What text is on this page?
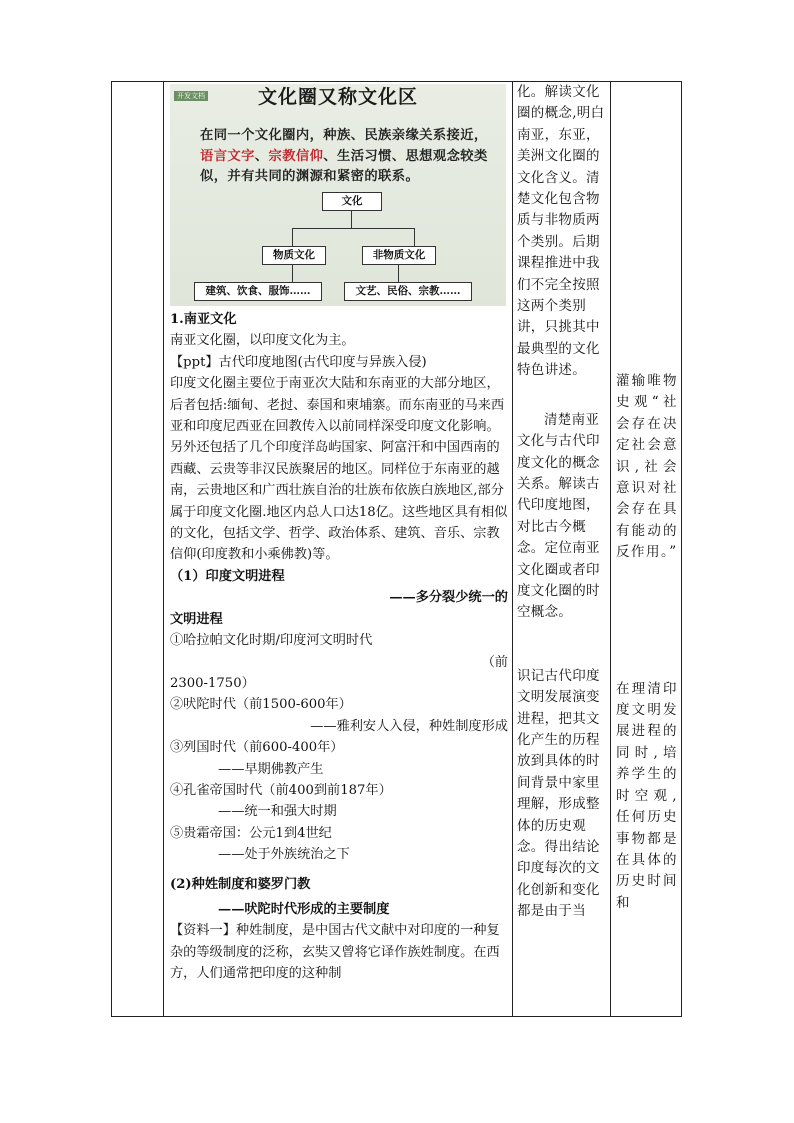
开发文档	文化圈又称文化区
在同一个文化圈内，种族、民族亲缘关系接近，语言文字、宗教信仰、生活习惯、思想观念较类似，并有共同的渊源和紧密的联系。
文化
物质文化	非物质文化
建筑、饮食、服饰……	文艺、民俗、宗教……

1.南亚文化

南亚文化圈，以印度文化为主。

【ppt】古代印度地图(古代印度与异族入侵)

印度文化圈主要位于南亚次大陆和东南亚的大部分地区，后者包括:缅甸、老挝、泰国和柬埔寨。而东南亚的马来西亚和印度尼西亚在回教传入以前同样深受印度文化影响。另外还包括了几个印度洋岛屿国家、阿富汗和中国西南的西藏、云贵等非汉民族聚居的地区。同样位于东南亚的越南，云贵地区和广西壮族自治的壮族布依族白族地区,部分属于印度文化圈.地区内总人口达18亿。这些地区具有相似的文化，包括文学、哲学、政治体系、建筑、音乐、宗教信仰(印度教和小乘佛教)等。

（1）印度文明进程

——多分裂少统一的

文明进程

①哈拉帕文化时期/印度河文明时代

（前

2300-1750）

②吠陀时代（前1500-600年）

——雅利安人入侵，种姓制度形成

③列国时代（前600-400年）

——早期佛教产生

④孔雀帝国时代（前400到前187年）

——统一和强大时期

⑤贵霜帝国：公元1到4世纪

——处于外族统治之下

(2)种姓制度和婆罗门教

——吠陀时代形成的主要制度

【资料一】种姓制度，是中国古代文献中对印度的一种复杂的等级制度的泛称，玄奘又曾将它译作族姓制度。在西方，人们通常把印度的这种制

化。解读文化圈的概念,明白南亚，东亚，美洲文化圈的文化含义。清楚文化包含物质与非物质两个类别。后期课程推进中我们不完全按照这两个类别讲，只挑其中最典型的文化特色讲述。

清楚南亚文化与古代印度文化的概念关系。解读古代印度地图，对比古今概念。定位南亚文化圈或者印度文化圈的时空概念。

识记古代印度文明发展演变进程，把其文化产生的历程放到具体的时间背景中家里理解，形成整体的历史观念。得出结论印度每次的文化创新和变化都是由于当

灌输唯物史观“社会存在决定社会意识,社会意识对社会存在具有能动的反作用。”

在理清印度文明发展进程的同时,培养学生的时空观,任何历史事物都是在具体的历史时间和
